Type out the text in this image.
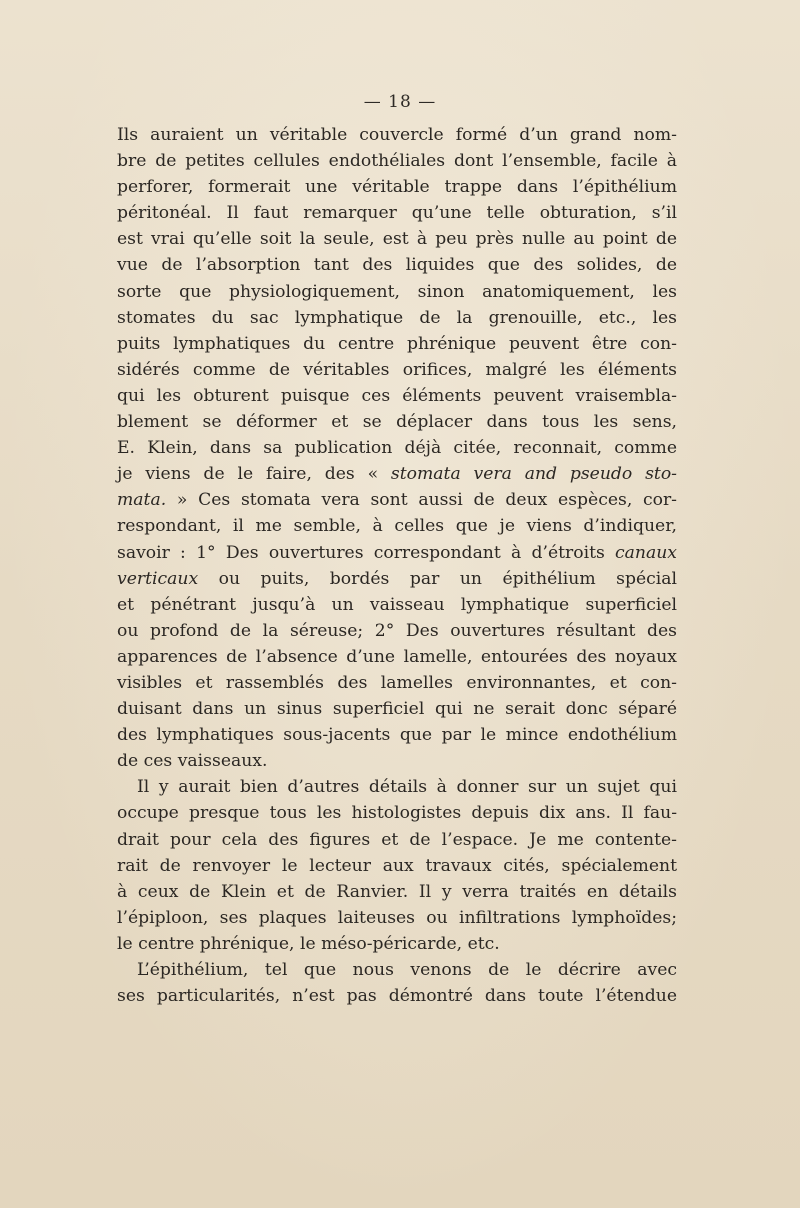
— 18 —
Ils auraient un véritable couvercle formé d’un grand nom-
bre de petites cellules endothéliales dont l’ensemble, facile à
perforer, formerait une véritable trappe dans l’épithélium
péritonéal. Il faut remarquer qu’une telle obturation, s’il
est vrai qu’elle soit la seule, est à peu près nulle au point de
vue de l’absorption tant des liquides que des solides, de
sorte que physiologiquement, sinon anatomiquement, les
stomates du sac lymphatique de la grenouille, etc., les
puits lymphatiques du centre phrénique peuvent être con-
sidérés comme de véritables orifices, malgré les éléments
qui les obturent puisque ces éléments peuvent vraisembla-
blement se déformer et se déplacer dans tous les sens,
E. Klein, dans sa publication déjà citée, reconnait, comme
je viens de le faire, des « stomata vera and pseudo sto-
mata. » Ces stomata vera sont aussi de deux espèces, cor-
respondant, il me semble, à celles que je viens d’indiquer,
savoir : 1° Des ouvertures correspondant à d’étroits canaux
verticaux ou puits, bordés par un épithélium spécial
et pénétrant jusqu’à un vaisseau lymphatique superficiel
ou profond de la séreuse; 2° Des ouvertures résultant des
apparences de l’absence d’une lamelle, entourées des noyaux
visibles et rassemblés des lamelles environnantes, et con-
duisant dans un sinus superficiel qui ne serait donc séparé
des lymphatiques sous-jacents que par le mince endothélium
de ces vaisseaux.
Il y aurait bien d’autres détails à donner sur un sujet qui
occupe presque tous les histologistes depuis dix ans. Il fau-
drait pour cela des figures et de l’espace. Je me contente-
rait de renvoyer le lecteur aux travaux cités, spécialement
à ceux de Klein et de Ranvier. Il y verra traités en détails
l’épiploon, ses plaques laiteuses ou infiltrations lymphoïdes;
le centre phrénique, le méso-péricarde, etc.
L’épithélium, tel que nous venons de le décrire avec
ses particularités, n’est pas démontré dans toute l’étendue
